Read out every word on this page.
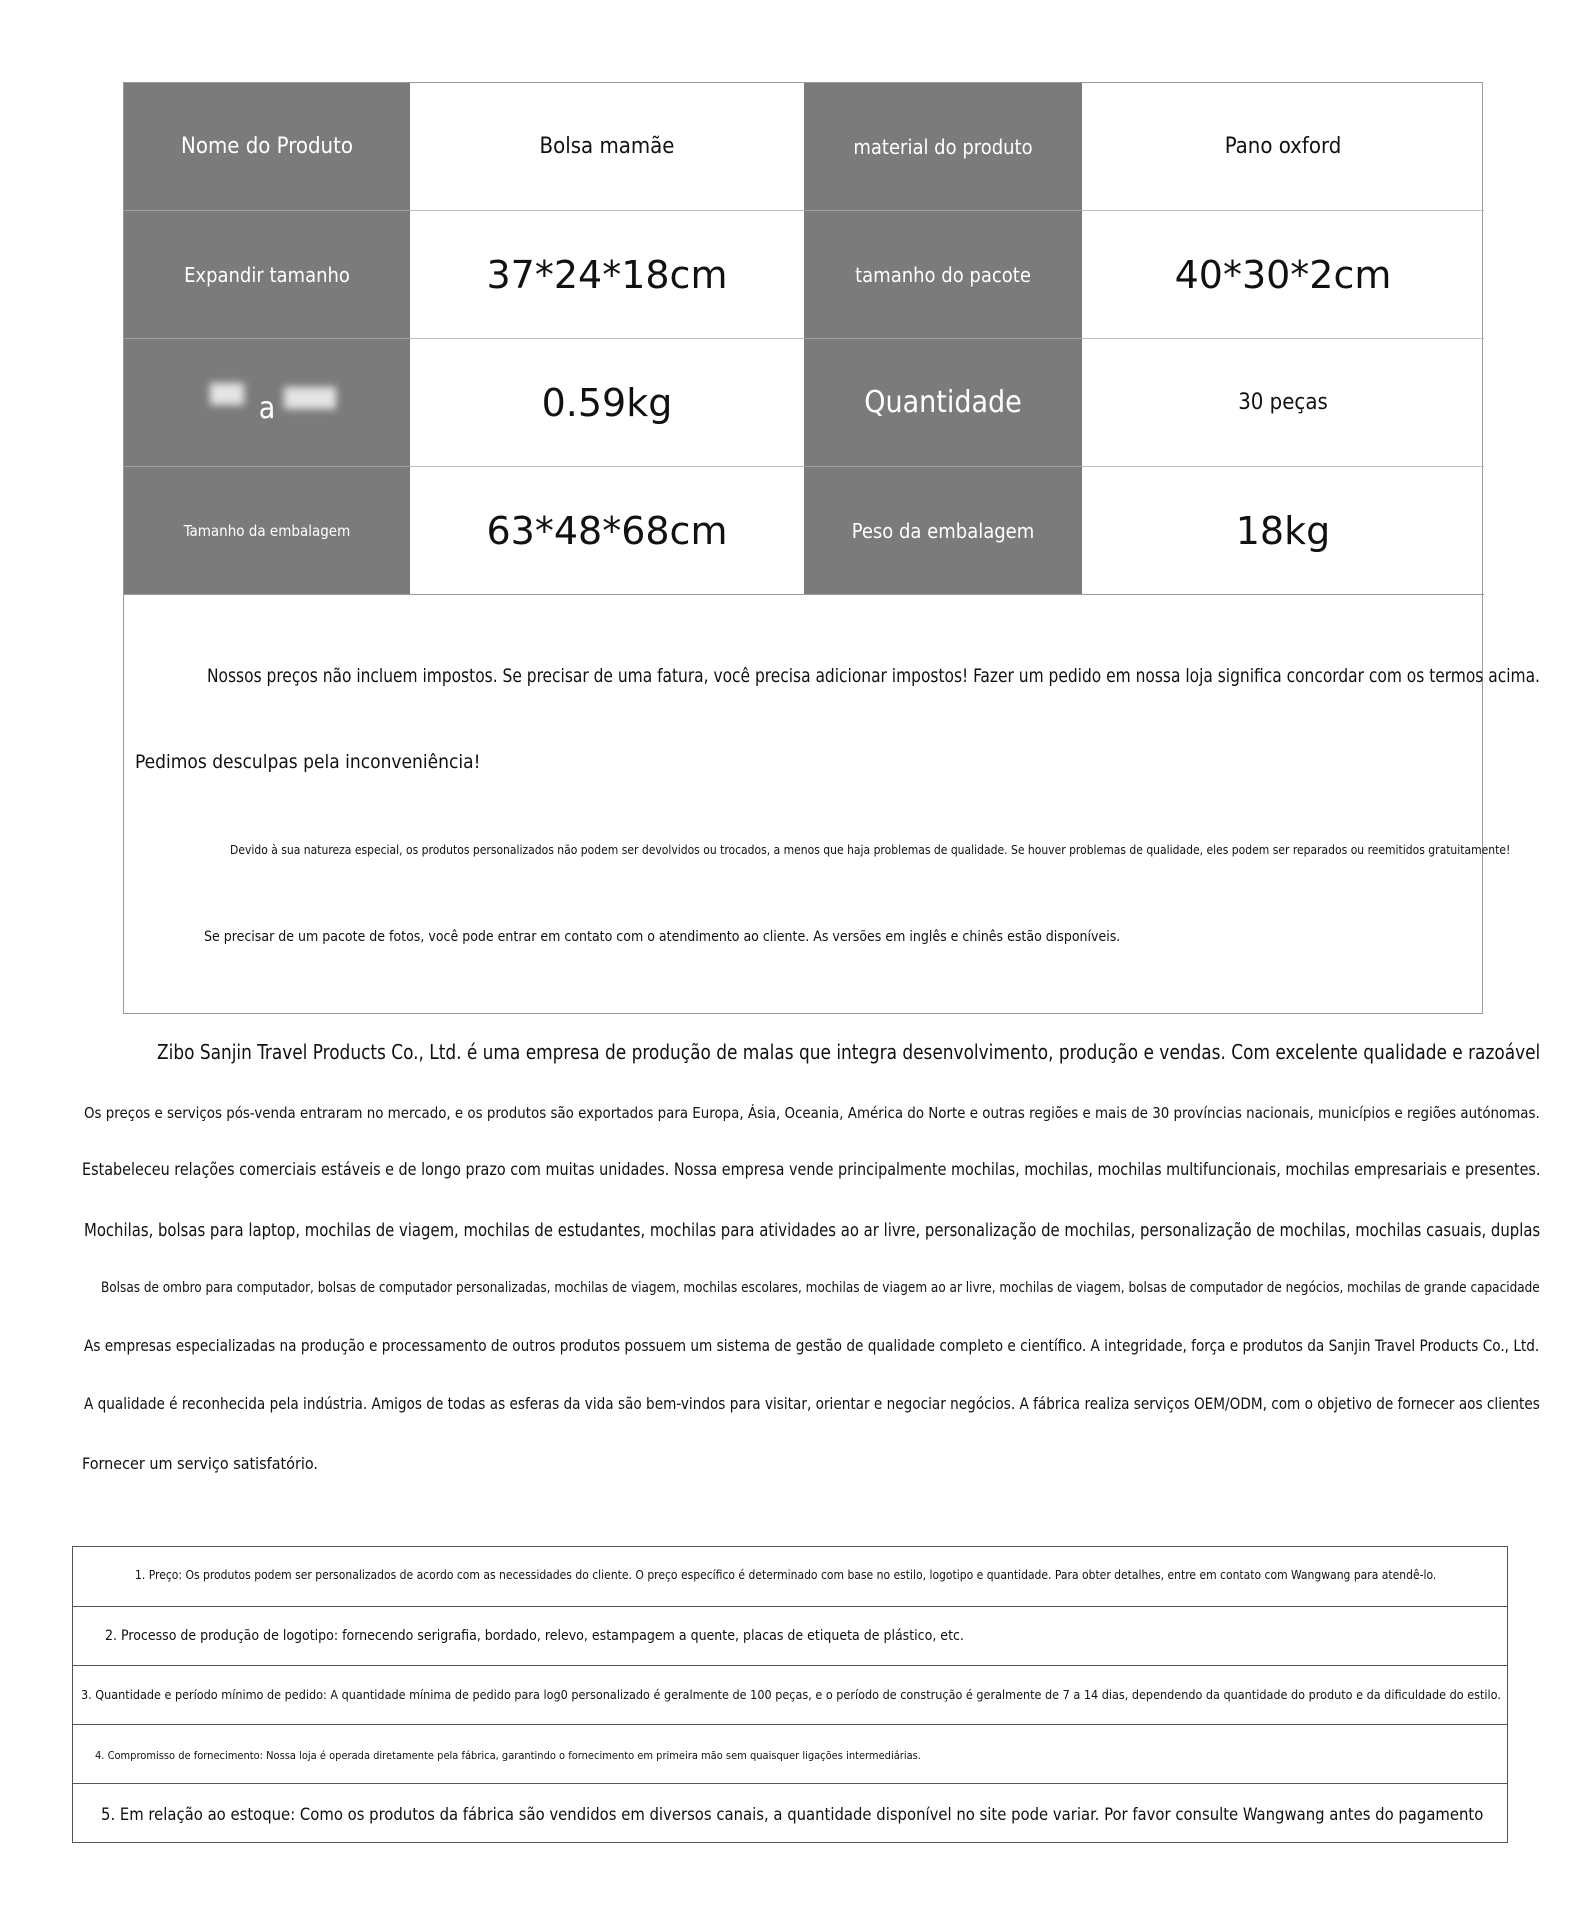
Nome do Produto	Bolsa mamãe	material do produto	Pano oxford
Expandir tamanho	37*24*18cm	tamanho do pacote	40*30*2cm
a	0.59kg	Quantidade	30 peças
Tamanho da embalagem	63*48*68cm	Peso da embalagem	18kg
Nossos preços não incluem impostos. Se precisar de uma fatura, você precisa adicionar impostos! Fazer um pedido em nossa loja significa concordar com os termos acima.
Pedimos desculpas pela inconveniência!
Devido à sua natureza especial, os produtos personalizados não podem ser devolvidos ou trocados, a menos que haja problemas de qualidade. Se houver problemas de qualidade, eles podem ser reparados ou reemitidos gratuitamente!
Se precisar de um pacote de fotos, você pode entrar em contato com o atendimento ao cliente. As versões em inglês e chinês estão disponíveis.
Zibo Sanjin Travel Products Co., Ltd. é uma empresa de produção de malas que integra desenvolvimento, produção e vendas. Com excelente qualidade e razoável
Os preços e serviços pós-venda entraram no mercado, e os produtos são exportados para Europa, Ásia, Oceania, América do Norte e outras regiões e mais de 30 províncias nacionais, municípios e regiões autónomas.
Estabeleceu relações comerciais estáveis e de longo prazo com muitas unidades. Nossa empresa vende principalmente mochilas, mochilas, mochilas multifuncionais, mochilas empresariais e presentes.
Mochilas, bolsas para laptop, mochilas de viagem, mochilas de estudantes, mochilas para atividades ao ar livre, personalização de mochilas, personalização de mochilas, mochilas casuais, duplas
Bolsas de ombro para computador, bolsas de computador personalizadas, mochilas de viagem, mochilas escolares, mochilas de viagem ao ar livre, mochilas de viagem, bolsas de computador de negócios, mochilas de grande capacidade
As empresas especializadas na produção e processamento de outros produtos possuem um sistema de gestão de qualidade completo e científico. A integridade, força e produtos da Sanjin Travel Products Co., Ltd.
A qualidade é reconhecida pela indústria. Amigos de todas as esferas da vida são bem-vindos para visitar, orientar e negociar negócios. A fábrica realiza serviços OEM/ODM, com o objetivo de fornecer aos clientes
Fornecer um serviço satisfatório.
1. Preço: Os produtos podem ser personalizados de acordo com as necessidades do cliente. O preço específico é determinado com base no estilo, logotipo e quantidade. Para obter detalhes, entre em contato com Wangwang para atendê-lo.
2. Processo de produção de logotipo: fornecendo serigrafia, bordado, relevo, estampagem a quente, placas de etiqueta de plástico, etc.
3. Quantidade e período mínimo de pedido: A quantidade mínima de pedido para log0 personalizado é geralmente de 100 peças, e o período de construção é geralmente de 7 a 14 dias, dependendo da quantidade do produto e da dificuldade do estilo.
4. Compromisso de fornecimento: Nossa loja é operada diretamente pela fábrica, garantindo o fornecimento em primeira mão sem quaisquer ligações intermediárias.
5. Em relação ao estoque: Como os produtos da fábrica são vendidos em diversos canais, a quantidade disponível no site pode variar. Por favor consulte Wangwang antes do pagamento
